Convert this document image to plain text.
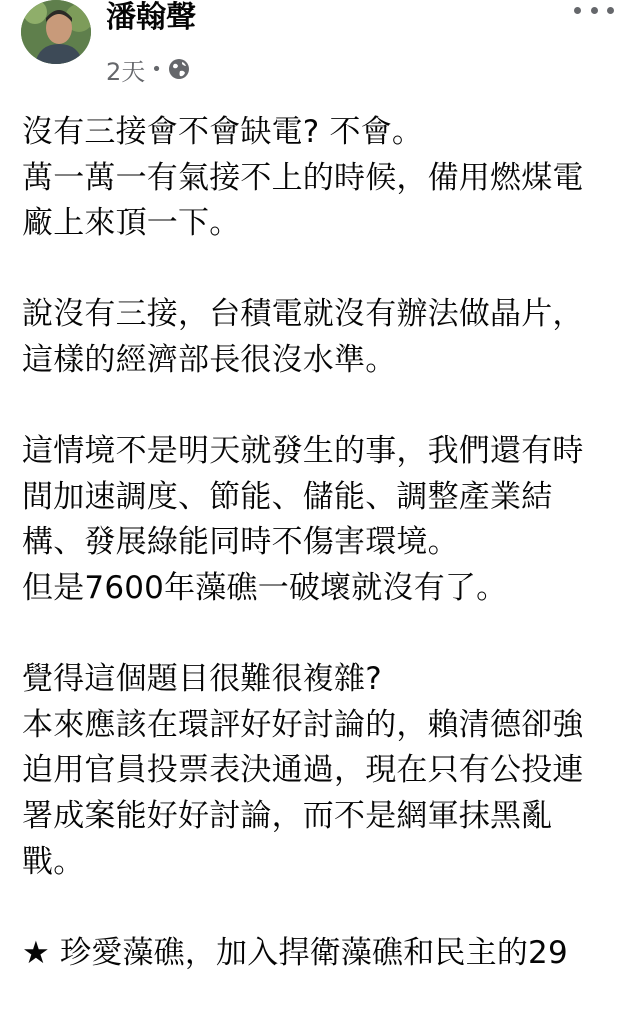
潘翰聲
2天 •
沒有三接會不會缺電? 不會。
萬一萬一有氣接不上的時候，備用燃煤電
廠上來頂一下。
說沒有三接，台積電就沒有辦法做晶片，
這樣的經濟部長很沒水準。
這情境不是明天就發生的事，我們還有時
間加速調度、節能、儲能、調整產業結
構、發展綠能同時不傷害環境。
但是7600年藻礁一破壞就沒有了。
覺得這個題目很難很複雜?
本來應該在環評好好討論的，賴清德卻強
迫用官員投票表決通過，現在只有公投連
署成案能好好討論，而不是網軍抹黑亂
戰。
★ 珍愛藻礁，加入捍衛藻礁和民主的29
